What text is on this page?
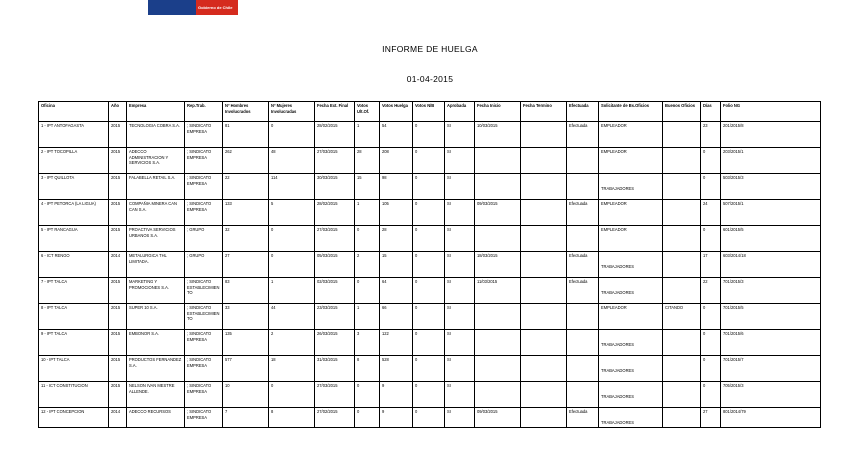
Gobierno de Chile
INFORME DE HUELGA
01-04-2015
Oficina	Año	Empresa	Rep.Trab.	Nº Hombres Involucrados	Nº Mujeres Involucradas	Fecha Ext. Final	Votos Ult.Of.	Votos Huelga	Votos N/B	Aprobada	Fecha Inicio	Fecha Termino	Efectuada	Solicitante de Bs.Oficios	Buenos Oficios	Días	Folio NG
1 - IPT ANTOFAGASTA	2015	TECNOLOGIA COBRA S.A.	; SINDICATO EMPRESA	81	0	28/02/2015	1	54	0	SI	10/03/2015		Efectuada	EMPLEADOR		23	201/2015/8
2 - IPT TOCOPILLA	2015	ADECCO ADMINISTRACION Y SERVICIOS S.A.	; SINDICATO EMPRESA	262	48	27/03/2015	28	208	0	SI				EMPLEADOR		0	203/2015/1
3 - IPT QUILLOTA	2015	FALABELLA RETAIL S.A.	; SINDICATO EMPRESA	22	114	30/03/2015	15	98	0	SI				TRABAJADORES		0	503/2015/3
4 - IPT PETORCA (LA LIGUA)	2015	COMPAÑIA MINERA CAN CAN S.A.	; SINDICATO EMPRESA	133	5	28/02/2015	1	105	0	SI	09/03/2015		Efectuada	EMPLEADOR		24	507/2015/1
5 - IPT RANCAGUA	2015	PROACTIVA SERVICIOS URBANOS S.A.	; GRUPO	32	0	27/03/2015	0	28	0	SI				EMPLEADOR		0	601/2015/5
6 - ICT RENGO	2014	METALURGICA THL LIMITADA.	; GRUPO	27	0	05/03/2015	2	15	0	SI	18/03/2015		Efectuada	TRABAJADORES		17	603/2014/18
7 - IPT TALCA	2015	MARKETING Y PROMOCIONES S.A.	; SINDICATO ESTABLECIMIENTO	83	1	02/03/2015	0	64	0	SI	11/03/2015		Efectuada	TRABAJADORES		22	701/2015/3
8 - IPT TALCA	2015	SUPER 10 S.A.	; SINDICATO ESTABLECIMIENTO	33	44	23/03/2015	1	66	0	SI				EMPLEADOR	CITANDO	0	701/2015/5
9 - IPT TALCA	2015	EMBONOR S.A.	; SINDICATO EMPRESA	135	2	26/03/2015	3	122	0	SI				TRABAJADORES		0	701/2015/6
10 - IPT TALCA	2015	PRODUCTOS FERNANDEZ S.A.	; SINDICATO EMPRESA	577	18	31/03/2015	8	528	0	SI				TRABAJADORES		0	701/2015/7
11 - ICT CONSTITUCION	2015	NELSON IVAN MESTRE ALLENDE.	; SINDICATO EMPRESA	10	0	27/03/2015	0	9	0	SI				TRABAJADORES		0	705/2015/3
12 - IPT CONCEPCION	2014	ADECCO RECURSOS	; SINDICATO EMPRESA	7	8	27/02/2015	0	9	0	SI	09/03/2015		Efectuada	TRABAJADORES		27	801/2014/79
